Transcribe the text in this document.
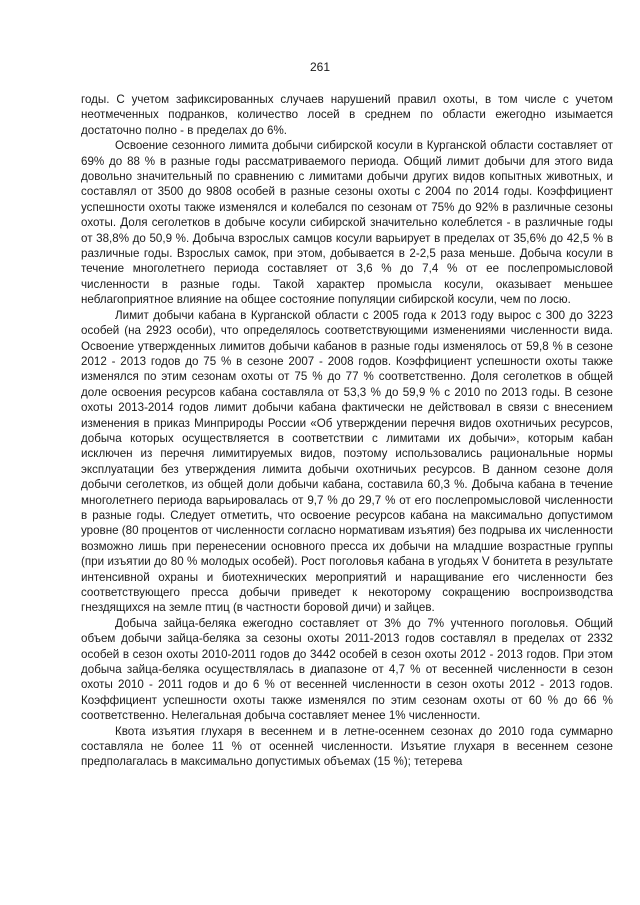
261

годы. С учетом зафиксированных случаев нарушений правил охоты, в том числе с учетом неотмеченных подранков, количество лосей в среднем по области ежегодно изымается достаточно полно - в пределах до 6%.

Освоение сезонного лимита добычи сибирской косули в Курганской области составляет от 69% до 88 % в разные годы рассматриваемого периода. Общий лимит добычи для этого вида довольно значительный по сравнению с лимитами добычи других видов копытных животных, и составлял от 3500 до 9808 особей в разные сезоны охоты с 2004 по 2014 годы. Коэффициент успешности охоты также изменялся и колебался по сезонам от 75% до 92% в различные сезоны охоты. Доля сеголетков в добыче косули сибирской значительно колеблется - в различные годы от 38,8% до 50,9 %. Добыча взрослых самцов косули варьирует в пределах от 35,6% до 42,5 % в различные годы. Взрослых самок, при этом, добывается в 2-2,5 раза меньше. Добыча косули в течение многолетнего периода составляет от 3,6 % до 7,4 % от ее послепромысловой численности в разные годы. Такой характер промысла косули, оказывает меньшее неблагоприятное влияние на общее состояние популяции сибирской косули, чем по лосю.

Лимит добычи кабана в Курганской области с 2005 года к 2013 году вырос с 300 до 3223 особей (на 2923 особи), что определялось соответствующими изменениями численности вида. Освоение утвержденных лимитов добычи кабанов в разные годы изменялось от 59,8 % в сезоне 2012 - 2013 годов до 75 % в сезоне 2007 - 2008 годов. Коэффициент успешности охоты также изменялся по этим сезонам охоты от 75 % до 77 % соответственно. Доля сеголетков в общей доле освоения ресурсов кабана составляла от 53,3 % до 59,9 % с 2010 по 2013 годы. В сезоне охоты 2013-2014 годов лимит добычи кабана фактически не действовал в связи с внесением изменения в приказ Минприроды России «Об утверждении перечня видов охотничьих ресурсов, добыча которых осуществляется в соответствии с лимитами их добычи», которым кабан исключен из перечня лимитируемых видов, поэтому использовались рациональные нормы эксплуатации без утверждения лимита добычи охотничьих ресурсов. В данном сезоне доля добычи сеголетков, из общей доли добычи кабана, составила 60,3 %. Добыча кабана в течение многолетнего периода варьировалась от 9,7 % до 29,7 % от его послепромысловой численности в разные годы. Следует отметить, что освоение ресурсов кабана на максимально допустимом уровне (80 процентов от численности согласно нормативам изъятия) без подрыва их численности возможно лишь при перенесении основного пресса их добычи на младшие возрастные группы (при изъятии до 80 % молодых особей). Рост поголовья кабана в угодьях V бонитета в результате интенсивной охраны и биотехнических мероприятий и наращивание его численности без соответствующего пресса добычи приведет к некоторому сокращению воспроизводства гнездящихся на земле птиц (в частности боровой дичи) и зайцев.

Добыча зайца-беляка ежегодно составляет от 3% до 7% учтенного поголовья. Общий объем добычи зайца-беляка за сезоны охоты 2011-2013 годов составлял в пределах от 2332 особей в сезон охоты 2010-2011 годов до 3442 особей в сезон охоты 2012 - 2013 годов. При этом добыча зайца-беляка осуществлялась в диапазоне от 4,7 % от весенней численности в сезон охоты 2010 - 2011 годов и до 6 % от весенней численности в сезон охоты 2012 - 2013 годов. Коэффициент успешности охоты также изменялся по этим сезонам охоты от 60 % до 66 % соответственно. Нелегальная добыча составляет менее 1% численности.

Квота изъятия глухаря в весеннем и в летне-осеннем сезонах до 2010 года суммарно составляла не более 11 % от осенней численности. Изъятие глухаря в весеннем сезоне предполагалась в максимально допустимых объемах (15 %); тетерева
